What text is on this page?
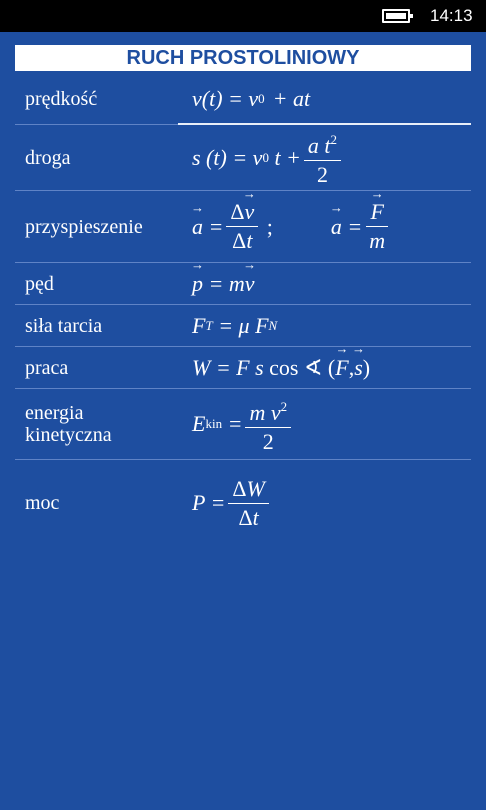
14:13
RUCH PROSTOLINIOWY
prędkość	v(t) = v 0 + at
droga	s (t) = v 0 $t + \frac{a t^2}{2}$
przyspieszenie	→ $a = \frac{\Delta\to v}{\Delta t}$ ;	→ a = → $\frac{F}{m}$
pęd	→ p = m → v
siła tarcia	F T = μ F N
praca	W = F s cos ∢ ( → F , → s )
energia kinetyczna	E kin = $\frac{m v^2}{2}$
moc	$P = \frac{\Delta W}{\Delta t}$
